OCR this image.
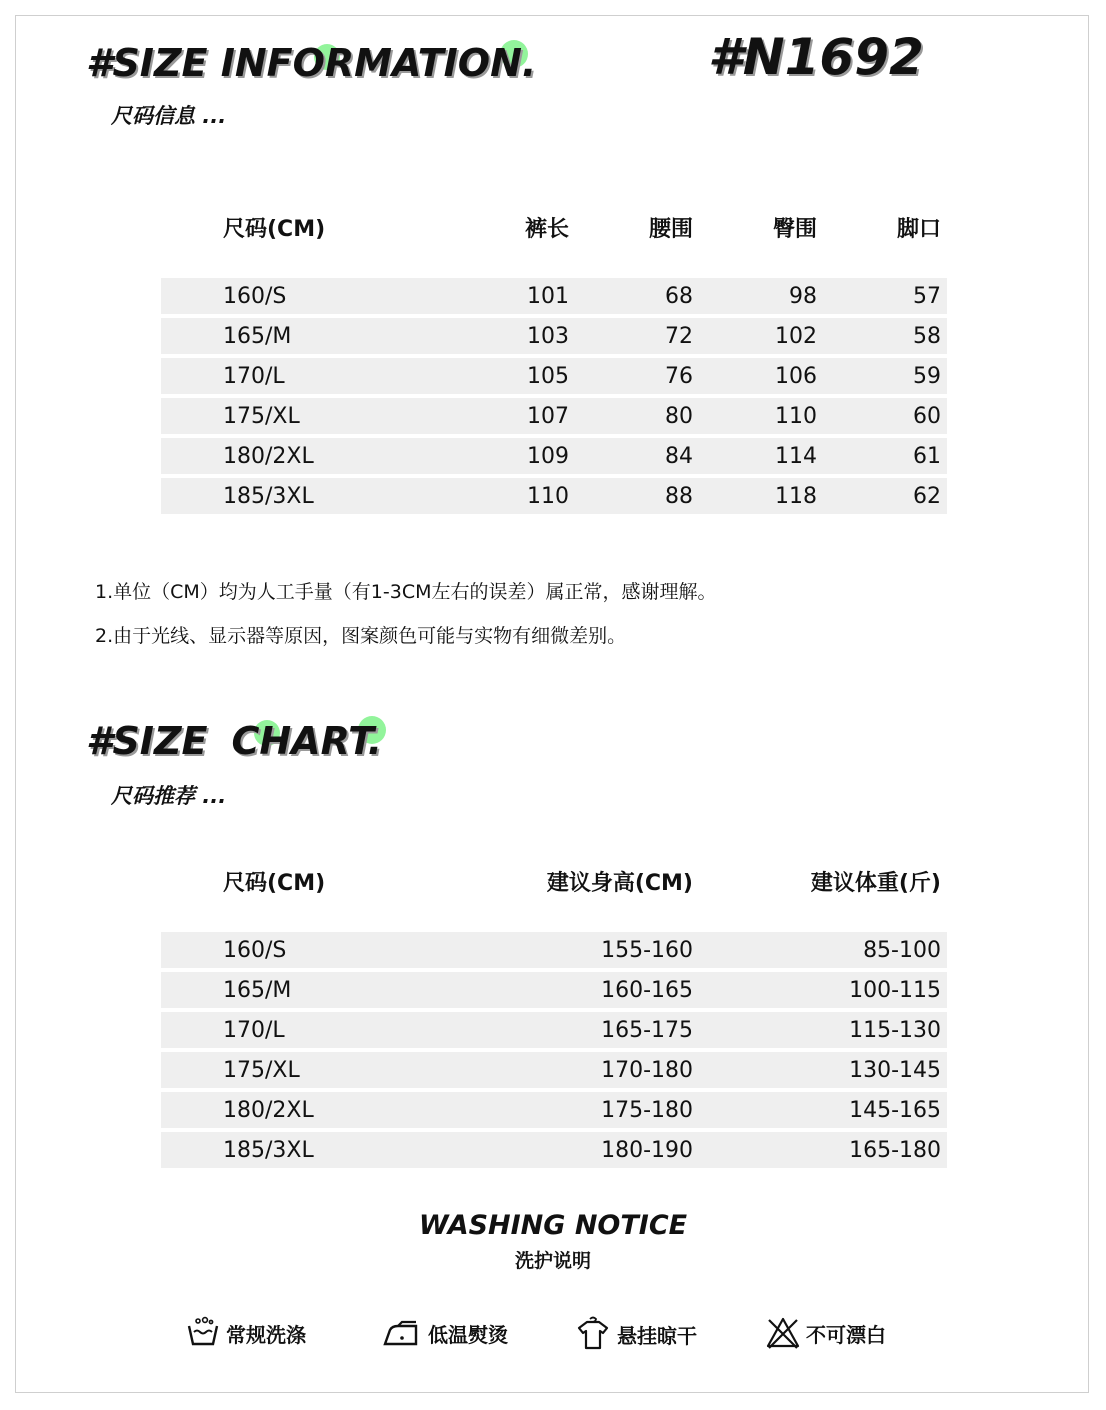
#SIZE INFORMATION.	#N1692
尺码信息 ...
尺码(CM)	裤长	腰围	臀围	脚口
160/S	101	68	98	57
165/M	103	72	102	58
170/L	105	76	106	59
175/XL	107	80	110	60
180/2XL	109	84	114	61
185/3XL	110	88	118	62
1.单位（CM）均为人工手量（有1-3CM左右的误差）属正常，感谢理解。
2.由于光线、显示器等原因，图案颜色可能与实物有细微差别。
#SIZE CHART.
尺码推荐 ...
尺码(CM)	建议身高(CM)	建议体重(斤)
160/S	155-160	85-100
165/M	160-165	100-115
170/L	165-175	115-130
175/XL	170-180	130-145
180/2XL	175-180	145-165
185/3XL	180-190	165-180
WASHING NOTICE
洗护说明
常规洗涤	低温熨烫	悬挂晾干	不可漂白
